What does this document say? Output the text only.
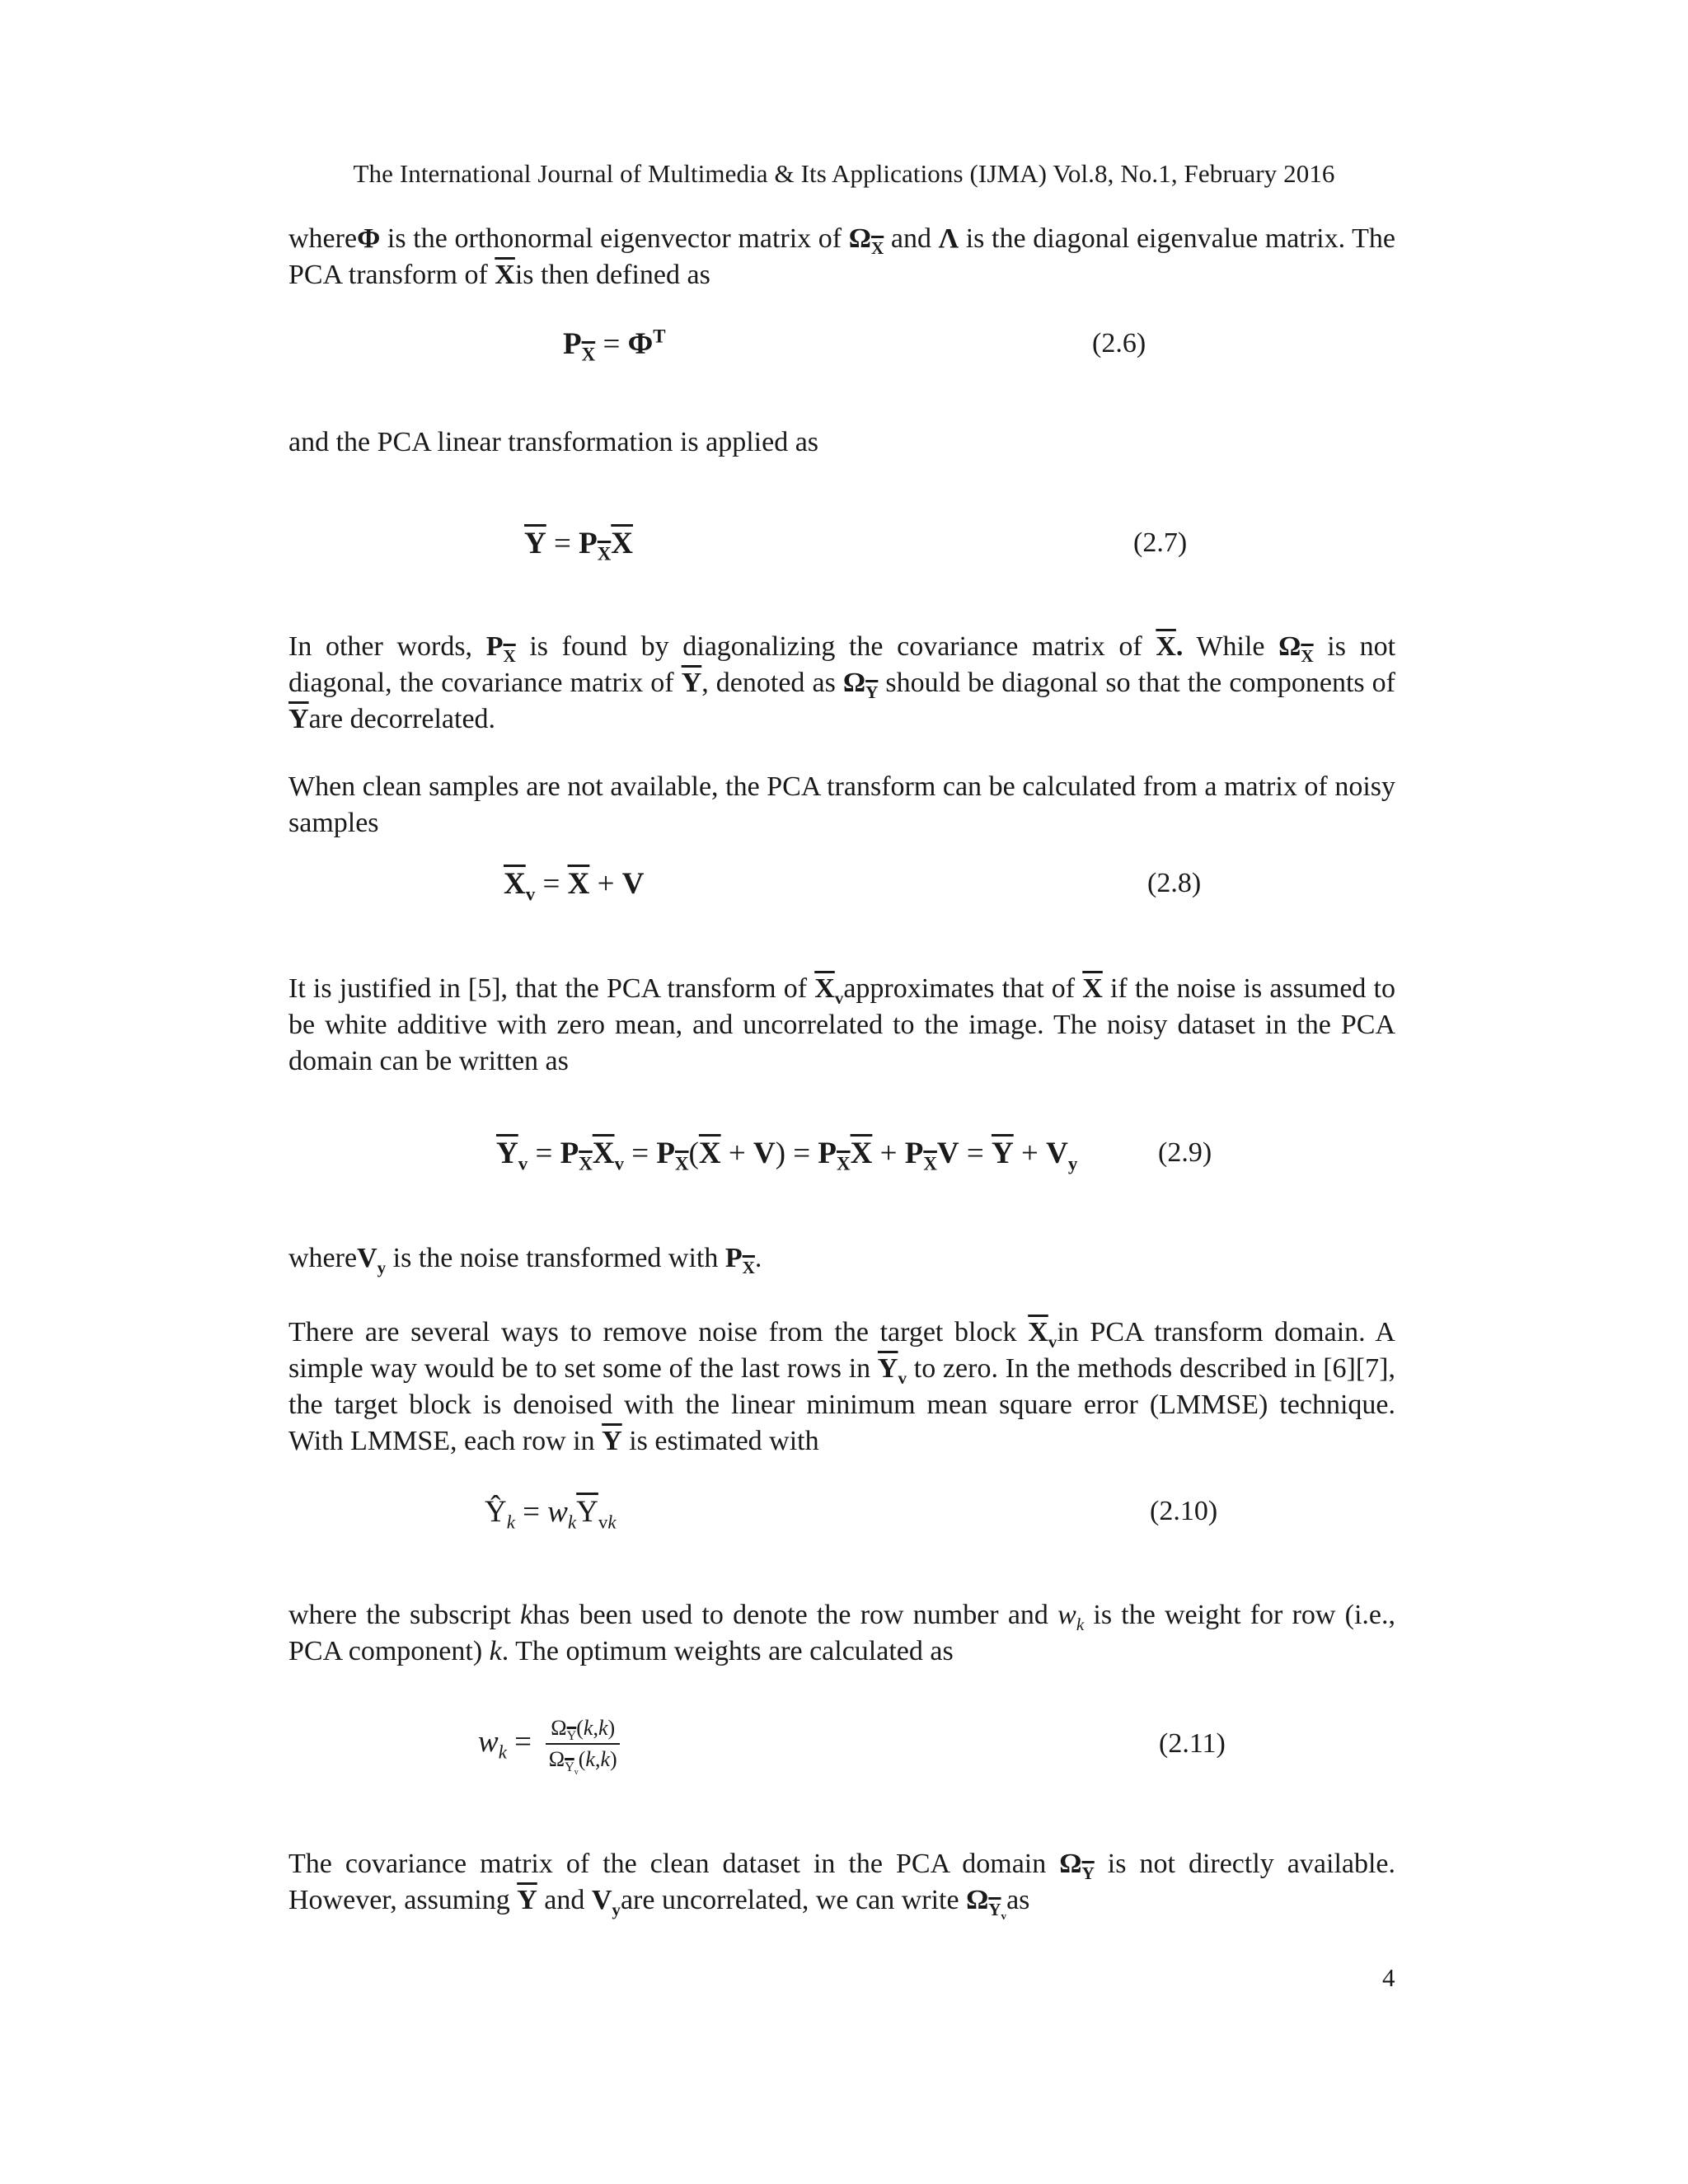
The International Journal of Multimedia & Its Applications (IJMA) Vol.8, No.1, February 2016
whereΦ is the orthonormal eigenvector matrix of $\Omega_{\overline{X}}$ and Λ is the diagonal eigenvalue matrix. The PCA transform of $\overline{X}is$ then defined as
$P_{\overline{X}} = \Phi^T$	(2.6)
and the PCA linear transformation is applied as
$\overline{Y} = P_{\overline{X}}\overline{X}$	(2.7)
In other words, $P_{\overline{X}}$ is found by diagonalizing the covariance matrix of $\overline{X}$. While $\Omega_{\overline{X}}$ is not diagonal, the covariance matrix of $\overline{Y}$, denoted as $\Omega_{\overline{Y}}$ should be diagonal so that the components of $\overline{Y}are$ decorrelated.
When clean samples are not available, the PCA transform can be calculated from a matrix of noisy samples
$\overline{X}_v = \overline{X} + V$	(2.8)
It is justified in [5], that the PCA transform of $\overline{X}_vapproximates$ that of $\overline{X}$ if the noise is assumed to be white additive with zero mean, and uncorrelated to the image. The noisy dataset in the PCA domain can be written as
$\overline{Y}_v = P_{\overline{X}}\overline{X}_v = P_{\overline{X}}(\overline{X} + V) = P_{\overline{X}}\overline{X} + P_{\overline{X}}V = \overline{Y} + V_y$	(2.9)
whereV$_y$ is the noise transformed with $P_{\overline{X}}$.
There are several ways to remove noise from the target block $\overline{X}_vin$ PCA transform domain. A simple way would be to set some of the last rows in $\overline{Y}_v$ to zero. In the methods described in [6][7], the target block is denoised with the linear minimum mean square error (LMMSE) technique. With LMMSE, each row in $\overline{Y}$ is estimated with
$Ŷ_k = w_k\overline{Y}_{vk}$	(2.10)
where the subscript khas been used to denote the row number and $w_k$ is the weight for row (i.e., PCA component) k. The optimum weights are calculated as
$w_k = \frac{\Omega_{\overline{Y}}(k,k)}{\Omega_{\overline{Y}_v}(k,k)}$	(2.11)
The covariance matrix of the clean dataset in the PCA domain $\Omega_{\overline{Y}}$ is not directly available. However, assuming $\overline{Y}$ and $V_yare$ uncorrelated, we can write $\Omega_{\overline{Y}_v}as$
4
